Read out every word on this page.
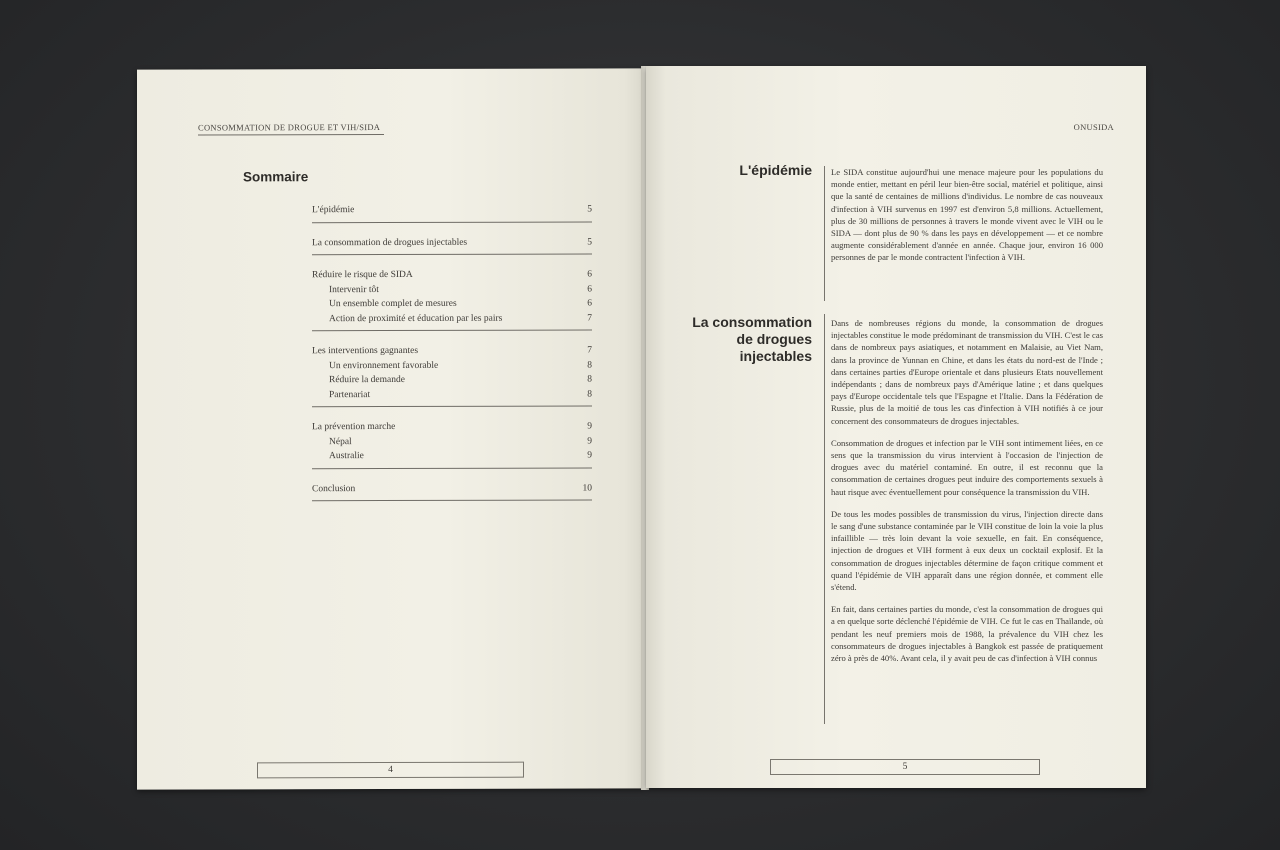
CONSOMMATION DE DROGUE ET VIH/SIDA
Sommaire
L'épidémie	5
La consommation de drogues injectables	5
Réduire le risque de SIDA	6
Intervenir tôt	6
Un ensemble complet de mesures	6
Action de proximité et éducation par les pairs	7
Les interventions gagnantes	7
Un environnement favorable	8
Réduire la demande	8
Partenariat	8
La prévention marche	9
Népal	9
Australie	9
Conclusion	10
4
ONUSIDA
L'épidémie Le SIDA constitue aujourd'hui une menace majeure pour les populations du monde entier, mettant en péril leur bien-être social, matériel et politique, ainsi que la santé de centaines de millions d'individus. Le nombre de cas nouveaux d'infection à VIH survenus en 1997 est d'environ 5,8 millions. Actuellement, plus de 30 millions de personnes à travers le monde vivent avec le VIH ou le SIDA — dont plus de 90 % dans les pays en développement — et ce nombre augmente considérablement d'année en année. Chaque jour, environ 16 000 personnes de par le monde contractent l'infection à VIH.

La consommation de drogues injectables

Dans de nombreuses régions du monde, la consommation de drogues injectables constitue le mode prédominant de transmission du VIH. C'est le cas dans de nombreux pays asiatiques, et notamment en Malaisie, au Viet Nam, dans la province de Yunnan en Chine, et dans les états du nord-est de l'Inde ; dans certaines parties d'Europe orientale et dans plusieurs Etats nouvellement indépendants ; dans de nombreux pays d'Amérique latine ; et dans quelques pays d'Europe occidentale tels que l'Espagne et l'Italie. Dans la Fédération de Russie, plus de la moitié de tous les cas d'infection à VIH notifiés à ce jour concernent des consommateurs de drogues injectables.

Consommation de drogues et infection par le VIH sont intimement liées, en ce sens que la transmission du virus intervient à l'occasion de l'injection de drogues avec du matériel contaminé. En outre, il est reconnu que la consommation de certaines drogues peut induire des comportements sexuels à haut risque avec éventuellement pour conséquence la transmission du VIH.

De tous les modes possibles de transmission du virus, l'injection directe dans le sang d'une substance contaminée par le VIH constitue de loin la voie la plus infaillible — très loin devant la voie sexuelle, en fait. En conséquence, injection de drogues et VIH forment à eux deux un cocktail explosif. Et la consommation de drogues injectables détermine de façon critique comment et quand l'épidémie de VIH apparaît dans une région donnée, et comment elle s'étend.

En fait, dans certaines parties du monde, c'est la consommation de drogues qui a en quelque sorte déclenché l'épidémie de VIH. Ce fut le cas en Thaïlande, où pendant les neuf premiers mois de 1988, la prévalence du VIH chez les consommateurs de drogues injectables à Bangkok est passée de pratiquement zéro à près de 40%. Avant cela, il y avait peu de cas d'infection à VIH connus

5
